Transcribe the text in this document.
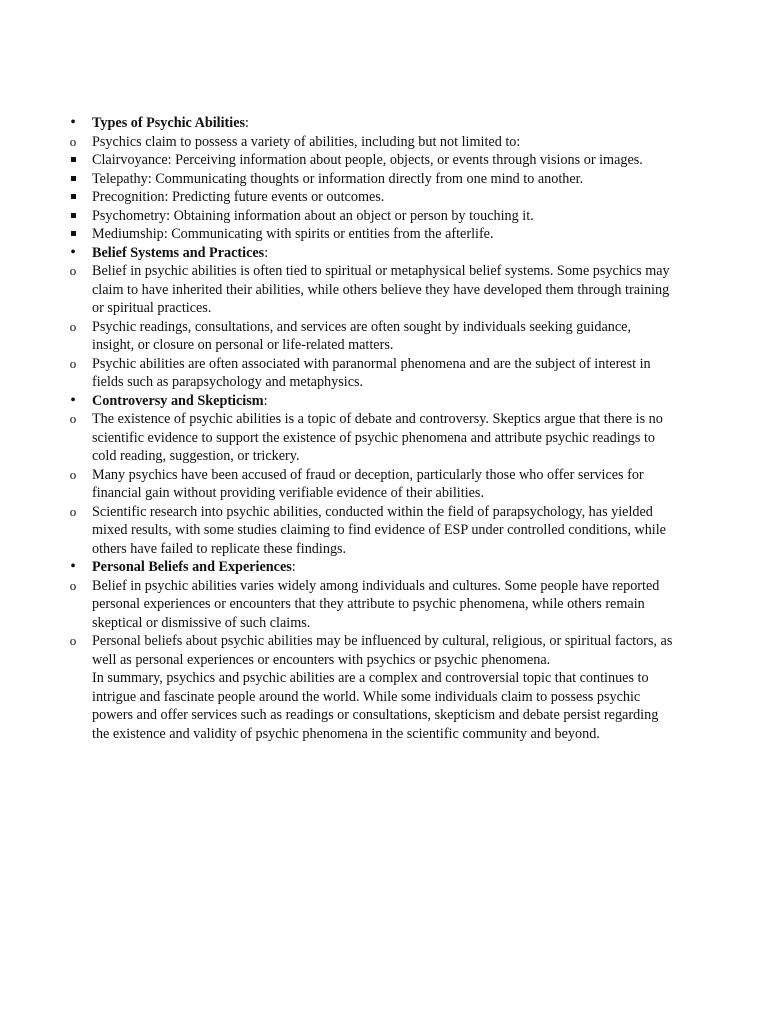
•
Types of Psychic Abilities:
o
Psychics claim to possess a variety of abilities, including but not limited to:
Clairvoyance: Perceiving information about people, objects, or events through visions or images.
Telepathy: Communicating thoughts or information directly from one mind to another.
Precognition: Predicting future events or outcomes.
Psychometry: Obtaining information about an object or person by touching it.
Mediumship: Communicating with spirits or entities from the afterlife.
•
Belief Systems and Practices:
o
Belief in psychic abilities is often tied to spiritual or metaphysical belief systems. Some psychics may claim to have inherited their abilities, while others believe they have developed them through training or spiritual practices.
o
Psychic readings, consultations, and services are often sought by individuals seeking guidance, insight, or closure on personal or life-related matters.
o
Psychic abilities are often associated with paranormal phenomena and are the subject of interest in fields such as parapsychology and metaphysics.
•
Controversy and Skepticism:
o
The existence of psychic abilities is a topic of debate and controversy. Skeptics argue that there is no scientific evidence to support the existence of psychic phenomena and attribute psychic readings to cold reading, suggestion, or trickery.
o
Many psychics have been accused of fraud or deception, particularly those who offer services for financial gain without providing verifiable evidence of their abilities.
o
Scientific research into psychic abilities, conducted within the field of parapsychology, has yielded mixed results, with some studies claiming to find evidence of ESP under controlled conditions, while others have failed to replicate these findings.
•
Personal Beliefs and Experiences:
o
Belief in psychic abilities varies widely among individuals and cultures. Some people have reported personal experiences or encounters that they attribute to psychic phenomena, while others remain skeptical or dismissive of such claims.
o
Personal beliefs about psychic abilities may be influenced by cultural, religious, or spiritual factors, as well as personal experiences or encounters with psychics or psychic phenomena.
In summary, psychics and psychic abilities are a complex and controversial topic that continues to intrigue and fascinate people around the world. While some individuals claim to possess psychic powers and offer services such as readings or consultations, skepticism and debate persist regarding the existence and validity of psychic phenomena in the scientific community and beyond.
